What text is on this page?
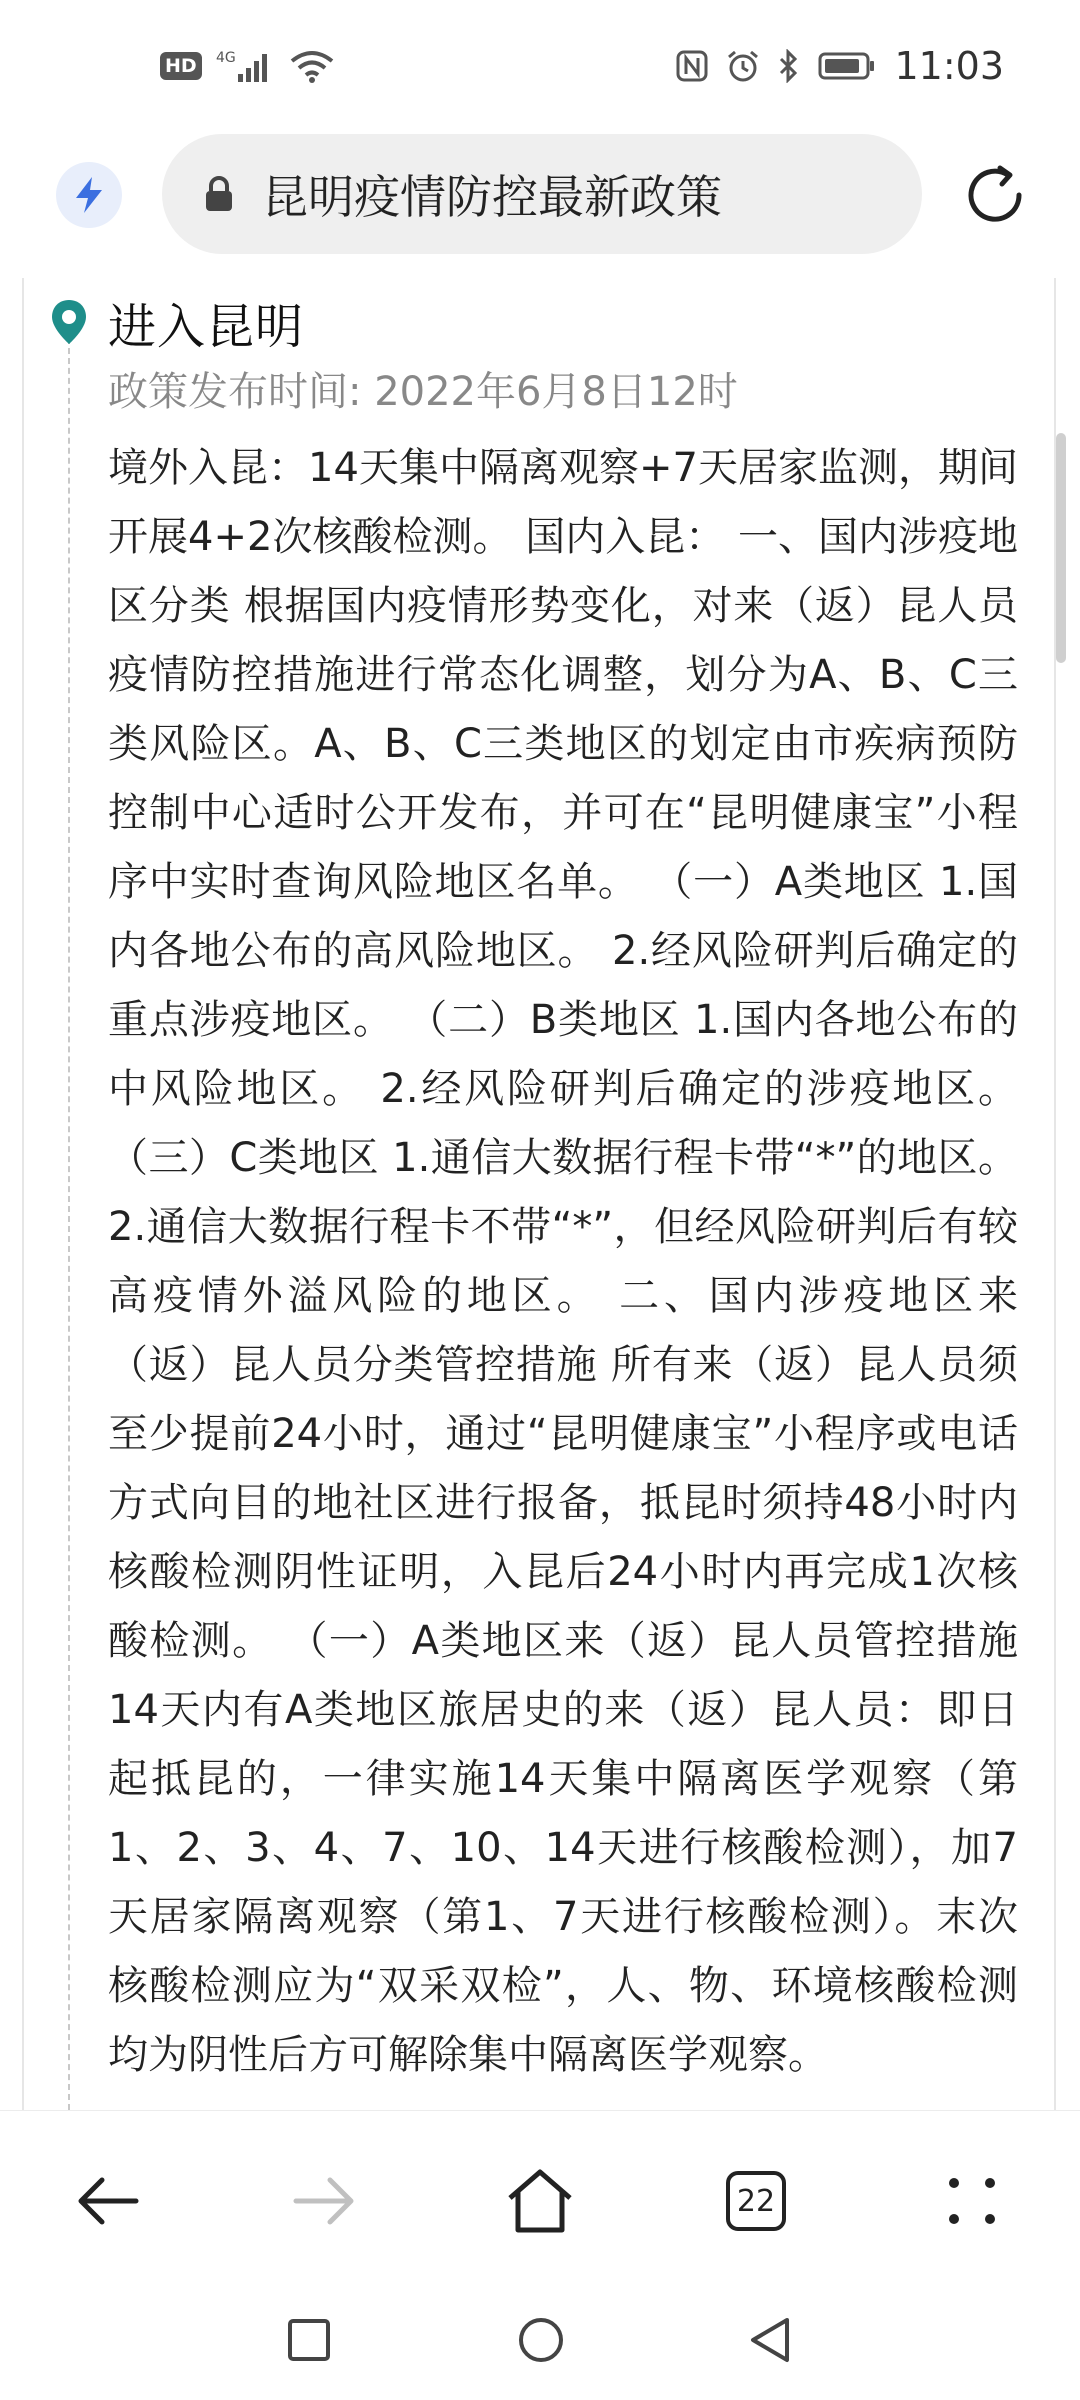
HD	4G	11:03
昆明疫情防控最新政策
进入昆明
政策发布时间: 2022年6月8日12时
境外入昆：14天集中隔离观察+7天居家监测，期间开展4+2次核酸检测。 国内入昆： 一、国内涉疫地区分类 根据国内疫情形势变化，对来（返）昆人员疫情防控措施进行常态化调整，划分为A、B、C三类风险区。A、B、C三类地区的划定由市疾病预防控制中心适时公开发布，并可在“昆明健康宝”小程序中实时查询风险地区名单。 （一）A类地区 1.国内各地公布的高风险地区。 2.经风险研判后确定的重点涉疫地区。 （二）B类地区 1.国内各地公布的中风险地区。 2.经风险研判后确定的涉疫地区。 （三）C类地区 1.通信大数据行程卡带“*”的地区。 2.通信大数据行程卡不带“*”，但经风险研判后有较高疫情外溢风险的地区。 二、国内涉疫地区来（返）昆人员分类管控措施 所有来（返）昆人员须至少提前24小时，通过“昆明健康宝”小程序或电话方式向目的地社区进行报备，抵昆时须持48小时内核酸检测阴性证明，入昆后24小时内再完成1次核酸检测。 （一）A类地区来（返）昆人员管控措施 14天内有A类地区旅居史的来（返）昆人员：即日起抵昆的，一律实施14天集中隔离医学观察（第1、2、3、4、7、10、14天进行核酸检测），加7天居家隔离观察（第1、7天进行核酸检测）。末次核酸检测应为“双采双检”，人、物、环境核酸检测均为阴性后方可解除集中隔离医学观察。
22
